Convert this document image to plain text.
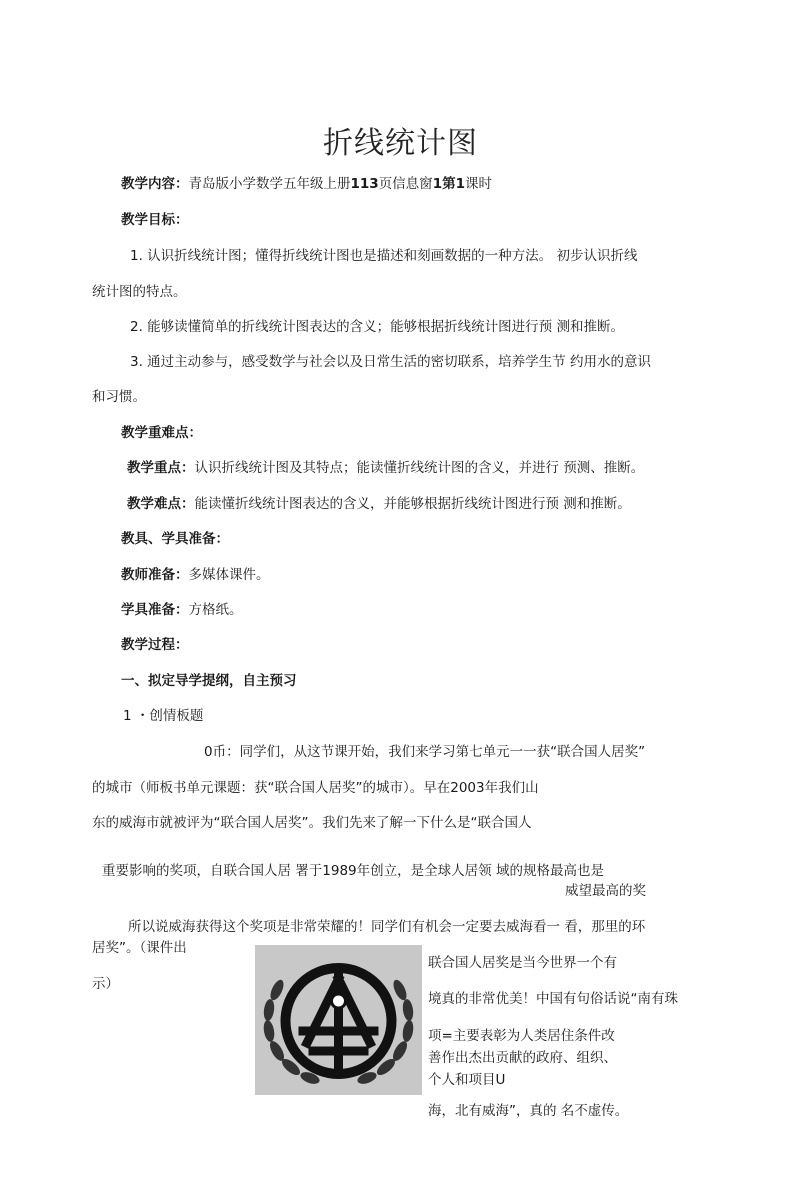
折线统计图
教学内容：青岛版小学数学五年级上册113页信息窗1第1课时
教学目标：
1. 认识折线统计图；懂得折线统计图也是描述和刻画数据的一种方法。 初步认识折线
统计图的特点。
2. 能够读懂简单的折线统计图表达的含义；能够根据折线统计图进行预 测和推断。
3. 通过主动参与，感受数学与社会以及日常生活的密切联系，培养学生节 约用水的意识
和习惯。
教学重难点：
教学重点：认识折线统计图及其特点；能读懂折线统计图的含义，并进行 预测、推断。
教学难点：能读懂折线统计图表达的含义，并能够根据折线统计图进行预 测和推断。
教具、学具准备：
教师准备：多媒体课件。
学具准备：方格纸。
教学过程：
一、拟定导学提纲，自主预习
1 ・创情板题
0币：同学们，从这节课开始，我们来学习第七单元一一获“联合国人居奖”
的城市（师板书单元课题：获“联合国人居奖”的城市）。早在2003年我们山
东的威海市就被评为“联合国人居奖”。我们先来了解一下什么是“联合国人
重要影响的奖项，自联合国人居 署于1989年创立，是全球人居领 域的规格最高也是
威望最高的奖
所以说威海获得这个奖项是非常荣耀的！同学们有机会一定要去威海看一 看，那里的环
居奖”。（课件出
示）
联合国人居奖是当今世界一个有
境真的非常优美！中国有句俗话说“南有珠
项=主要表彰为人类居住条件改
善作出杰出贡献的政府、组织、
个人和项目U
海，北有威海”，真的 名不虚传。
